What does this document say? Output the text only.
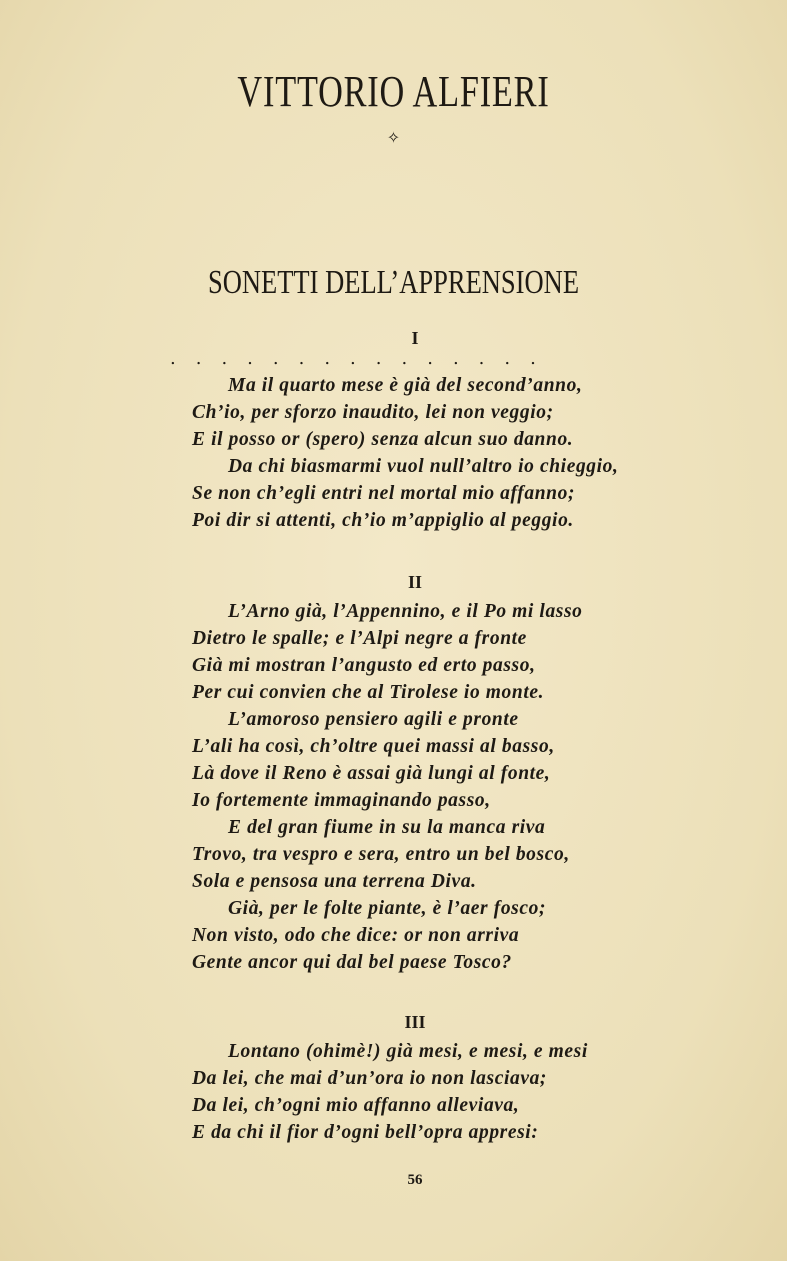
VITTORIO ALFIERI
✧
SONETTI DELL’APPRENSIONE
I
...............
Ma il quarto mese è già del second’anno,
Ch’io, per sforzo inaudito, lei non veggio;
E il posso or (spero) senza alcun suo danno.
Da chi biasmarmi vuol null’altro io chieggio,
Se non ch’egli entri nel mortal mio affanno;
Poi dir si attenti, ch’io m’appiglio al peggio.
II
L’Arno già, l’Appennino, e il Po mi lasso
Dietro le spalle; e l’Alpi negre a fronte
Già mi mostran l’angusto ed erto passo,
Per cui convien che al Tirolese io monte.
L’amoroso pensiero agili e pronte
L’ali ha così, ch’oltre quei massi al basso,
Là dove il Reno è assai già lungi al fonte,
Io fortemente immaginando passo,
E del gran fiume in su la manca riva
Trovo, tra vespro e sera, entro un bel bosco,
Sola e pensosa una terrena Diva.
Già, per le folte piante, è l’aer fosco;
Non visto, odo che dice: or non arriva
Gente ancor qui dal bel paese Tosco?
III
Lontano (ohimè!) già mesi, e mesi, e mesi
Da lei, che mai d’un’ora io non lasciava;
Da lei, ch’ogni mio affanno alleviava,
E da chi il fior d’ogni bell’opra appresi:
56
